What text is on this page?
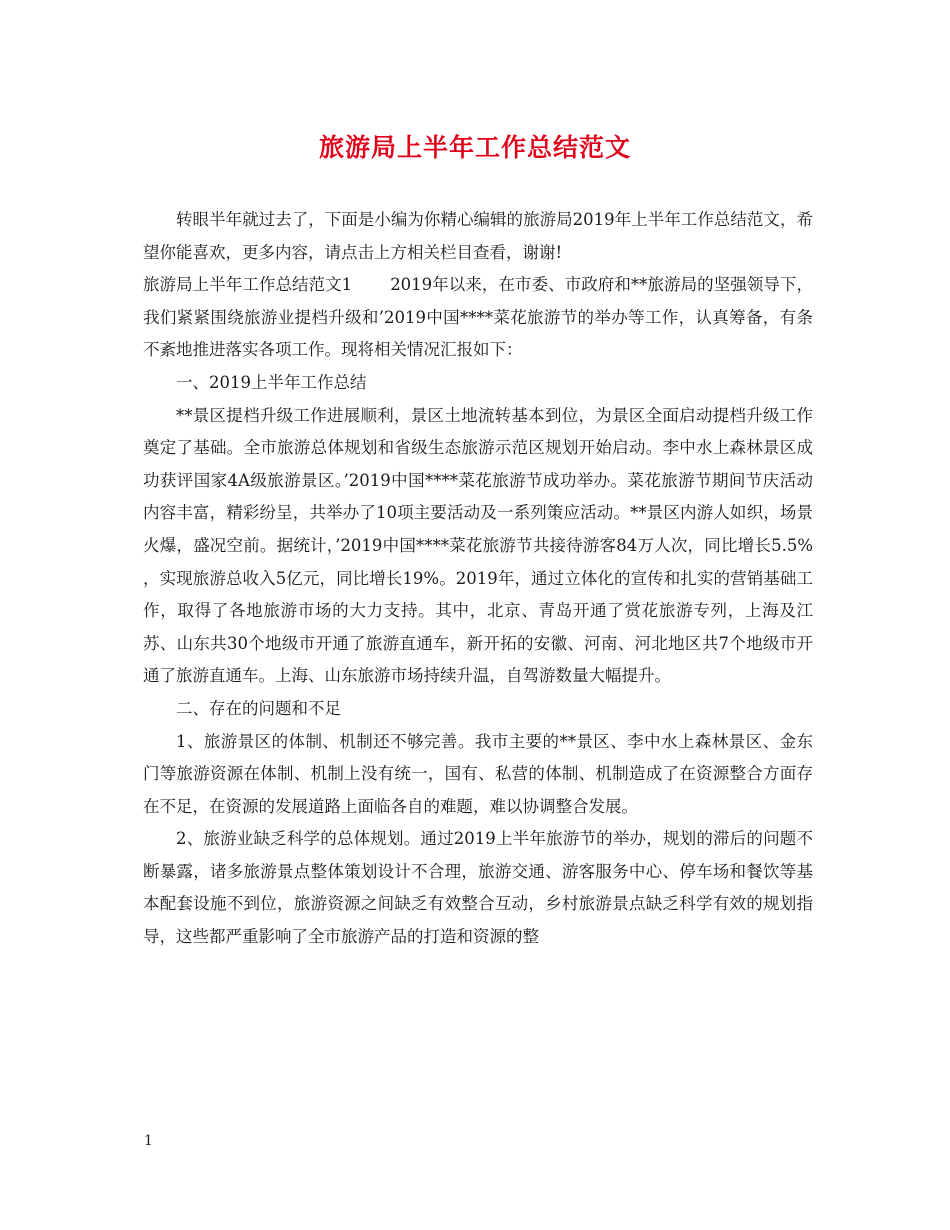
旅游局上半年工作总结范文

转眼半年就过去了，下面是小编为你精心编辑的旅游局2019年上半年工作总结范文，希望你能喜欢，更多内容，请点击上方相关栏目查看，谢谢!

旅游局上半年工作总结范文1 2019年以来，在市委、市政府和**旅游局的坚强领导下，我们紧紧围绕旅游业提档升级和’2019中国****菜花旅游节的举办等工作，认真筹备，有条不紊地推进落实各项工作。现将相关情况汇报如下：

一、2019上半年工作总结

**景区提档升级工作进展顺利，景区土地流转基本到位，为景区全面启动提档升级工作奠定了基础。全市旅游总体规划和省级生态旅游示范区规划开始启动。李中水上森林景区成功获评国家4A级旅游景区。’2019中国****菜花旅游节成功举办。菜花旅游节期间节庆活动内容丰富，精彩纷呈，共举办了10项主要活动及一系列策应活动。**景区内游人如织，场景火爆，盛况空前。据统计，’2019中国****菜花旅游节共接待游客84万人次，同比增长5.5% ，实现旅游总收入5亿元，同比增长19%。2019年，通过立体化的宣传和扎实的营销基础工作，取得了各地旅游市场的大力支持。其中，北京、青岛开通了赏花旅游专列，上海及江苏、山东共30个地级市开通了旅游直通车，新开拓的安徽、河南、河北地区共7个地级市开通了旅游直通车。上海、山东旅游市场持续升温，自驾游数量大幅提升。

二、存在的问题和不足

1、旅游景区的体制、机制还不够完善。我市主要的**景区、李中水上森林景区、金东门等旅游资源在体制、机制上没有统一，国有、私营的体制、机制造成了在资源整合方面存在不足，在资源的发展道路上面临各自的难题，难以协调整合发展。

2、旅游业缺乏科学的总体规划。通过2019上半年旅游节的举办，规划的滞后的问题不断暴露，诸多旅游景点整体策划设计不合理，旅游交通、游客服务中心、停车场和餐饮等基本配套设施不到位，旅游资源之间缺乏有效整合互动，乡村旅游景点缺乏科学有效的规划指导，这些都严重影响了全市旅游产品的打造和资源的整

1
